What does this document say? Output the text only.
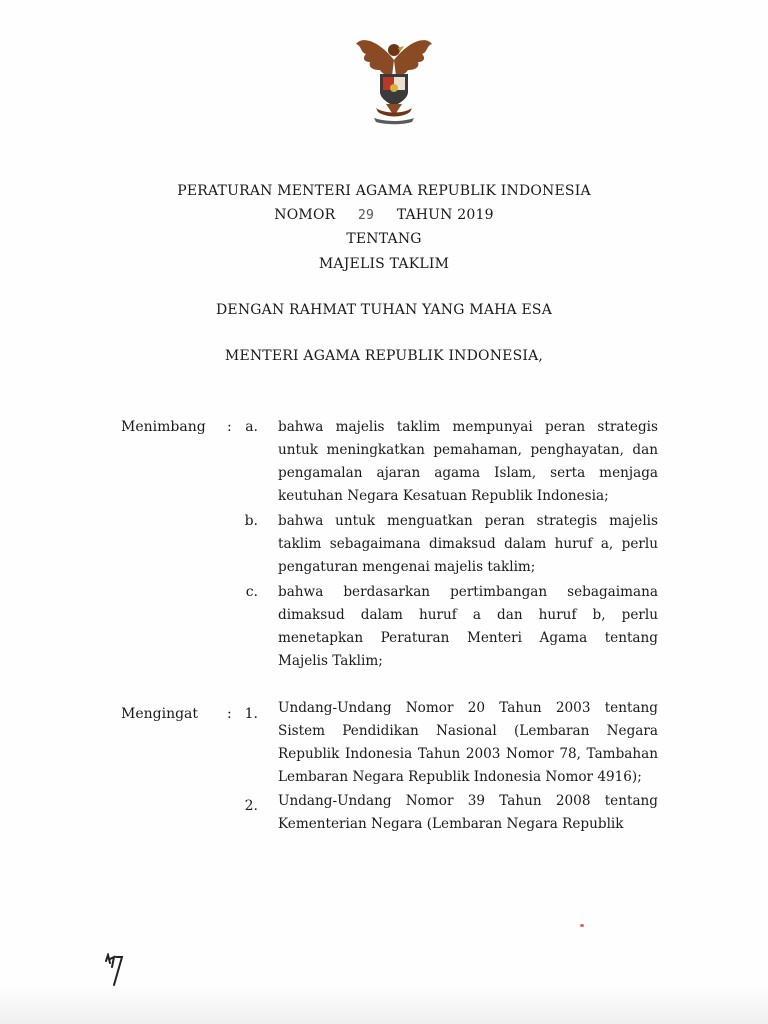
PERATURAN MENTERI AGAMA REPUBLIK INDONESIA
NOMOR 29 TAHUN 2019
TENTANG
MAJELIS TAKLIM
DENGAN RAHMAT TUHAN YANG MAHA ESA
MENTERI AGAMA REPUBLIK INDONESIA,
Menimbang : a. bahwa majelis taklim mempunyai peran strategis untuk meningkatkan pemahaman, penghayatan, dan pengamalan ajaran agama Islam, serta menjaga keutuhan Negara Kesatuan Republik Indonesia;
b. bahwa untuk menguatkan peran strategis majelis taklim sebagaimana dimaksud dalam huruf a, perlu pengaturan mengenai majelis taklim;
c. bahwa berdasarkan pertimbangan sebagaimana dimaksud dalam huruf a dan huruf b, perlu menetapkan Peraturan Menteri Agama tentang Majelis Taklim;
Mengingat : 1. Undang-Undang Nomor 20 Tahun 2003 tentang Sistem Pendidikan Nasional (Lembaran Negara Republik Indonesia Tahun 2003 Nomor 78, Tambahan Lembaran Negara Republik Indonesia Nomor 4916);
2. Undang-Undang Nomor 39 Tahun 2008 tentang Kementerian Negara (Lembaran Negara Republik
